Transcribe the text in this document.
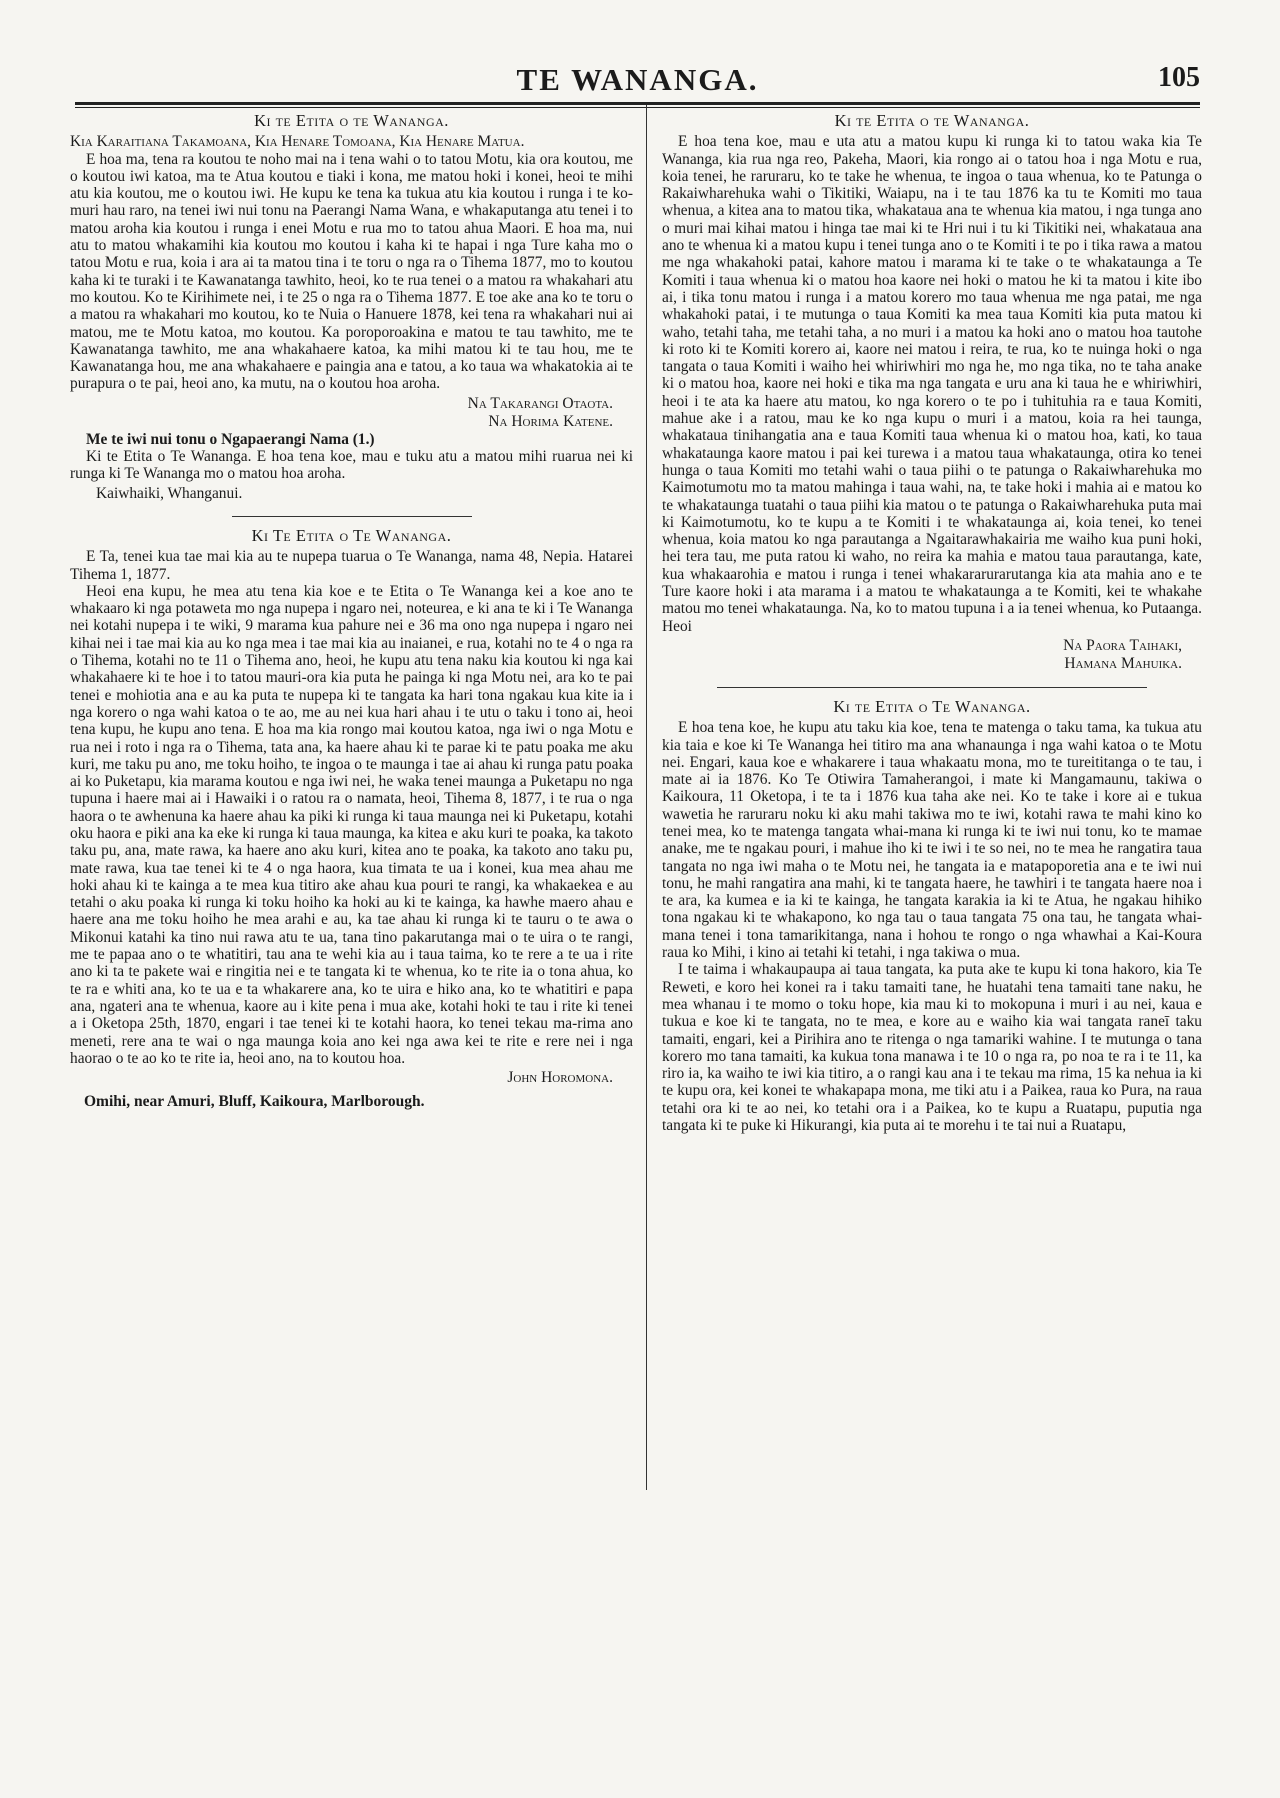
TE WANANGA.	105
Ki te Etita o te Wananga.

Kia Karaitiana Takamoana, Kia Henare Tomoana, Kia Henare Matua.

E hoa ma, tena ra koutou te noho mai na i tena wahi o to tatou Motu, kia ora koutou, me o koutou iwi katoa, ma te Atua koutou e tiaki i kona, me matou hoki i konei, heoi te mihi atu kia koutou, me o koutou iwi. He kupu ke tena ka tukua atu kia koutou i runga i te ko-muri hau raro, na tenei iwi nui tonu na Paerangi Nama Wana, e whakaputanga atu tenei i to matou aroha kia koutou i runga i enei Motu e rua mo to tatou ahua Maori. E hoa ma, nui atu to matou whakamihi kia koutou mo koutou i kaha ki te hapai i nga Ture kaha mo o tatou Motu e rua, koia i ara ai ta matou tina i te toru o nga ra o Tihema 1877, mo to koutou kaha ki te turaki i te Kawanatanga tawhito, heoi, ko te rua tenei o a matou ra whakahari atu mo koutou. Ko te Kirihimete nei, i te 25 o nga ra o Tihema 1877. E toe ake ana ko te toru o a matou ra whakahari mo koutou, ko te Nuia o Hanuere 1878, kei tena ra whakahari nui ai matou, me te Motu katoa, mo koutou. Ka poroporoakina e matou te tau tawhito, me te Kawanatanga tawhito, me ana whakahaere katoa, ka mihi matou ki te tau hou, me te Kawanatanga hou, me ana whakahaere e paingia ana e tatou, a ko taua wa whakatokia ai te purapura o te pai, heoi ano, ka mutu, na o koutou hoa aroha.

Na Takarangi Otaota.
Na Horima Katene.

Me te iwi nui tonu o Ngapaerangi Nama (1.)

Ki te Etita o Te Wananga. E hoa tena koe, mau e tuku atu a matou mihi ruarua nei ki runga ki Te Wananga mo o matou hoa aroha.

Kaiwhaiki, Whanganui.
Ki Te Etita o Te Wananga.

E Ta, tenei kua tae mai kia au te nupepa tuarua o Te Wananga, nama 48, Nepia. Hatarei Tihema 1, 1877.

Heoi ena kupu, he mea atu tena kia koe e te Etita o Te Wananga kei a koe ano te whakaaro ki nga potaweta mo nga nupepa i ngaro nei, noteurea, e ki ana te ki i Te Wananga nei kotahi nupepa i te wiki, 9 marama kua pahure nei e 36 ma ono nga nupepa i ngaro nei kihai nei i tae mai kia au ko nga mea i tae mai kia au inaianei, e rua, kotahi no te 4 o nga ra o Tihema, kotahi no te 11 o Tihema ano, heoi, he kupu atu tena naku kia koutou ki nga kai whakahaere ki te hoe i to tatou mauri-ora kia puta he painga ki nga Motu nei, ara ko te pai tenei e mohiotia ana e au ka puta te nupepa ki te tangata ka hari tona ngakau kua kite ia i nga korero o nga wahi katoa o te ao, me au nei kua hari ahau i te utu o taku i tono ai, heoi tena kupu, he kupu ano tena. E hoa ma kia rongo mai koutou katoa, nga iwi o nga Motu e rua nei i roto i nga ra o Tihema, tata ana, ka haere ahau ki te parae ki te patu poaka me aku kuri, me taku pu ano, me toku hoiho, te ingoa o te maunga i tae ai ahau ki runga patu poaka ai ko Puketapu, kia marama koutou e nga iwi nei, he waka tenei maunga a Puketapu no nga tupuna i haere mai ai i Hawaiki i o ratou ra o namata, heoi, Tihema 8, 1877, i te rua o nga haora o te awhenuna ka haere ahau ka piki ki runga ki taua maunga nei ki Puketapu, kotahi oku haora e piki ana ka eke ki runga ki taua maunga, ka kitea e aku kuri te poaka, ka takoto taku pu, ana, mate rawa, ka haere ano aku kuri, kitea ano te poaka, ka takoto ano taku pu, mate rawa, kua tae tenei ki te 4 o nga haora, kua timata te ua i konei, kua mea ahau me hoki ahau ki te kainga a te mea kua titiro ake ahau kua pouri te rangi, ka whakaekea e au tetahi o aku poaka ki runga ki toku hoiho ka hoki au ki te kainga, ka hawhe maero ahau e haere ana me toku hoiho he mea arahi e au, ka tae ahau ki runga ki te tauru o te awa o Mikonui katahi ka tino nui rawa atu te ua, tana tino pakarutanga mai o te uira o te rangi, me te papaa ano o te whatitiri, tau ana te wehi kia au i taua taima, ko te rere a te ua i rite ano ki ta te pakete wai e ringitia nei e te tangata ki te whenua, ko te rite ia o tona ahua, ko te ra e whiti ana, ko te ua e ta whakarere ana, ko te uira e hiko ana, ko te whatitiri e papa ana, ngateri ana te whenua, kaore au i kite pena i mua ake, kotahi hoki te tau i rite ki tenei a i Oketopa 25th, 1870, engari i tae tenei ki te kotahi haora, ko tenei tekau ma-rima ano meneti, rere ana te wai o nga maunga koia ano kei nga awa kei te rite e rere nei i nga haorao o te ao ko te rite ia, heoi ano, na to koutou hoa.

John Horomona.
Omihi, near Amuri, Bluff, Kaikoura, Marlborough.
Ki te Etita o te Wananga.

E hoa tena koe, mau e uta atu a matou kupu ki runga ki to tatou waka kia Te Wananga, kia rua nga reo, Pakeha, Maori, kia rongo ai o tatou hoa i nga Motu e rua, koia tenei, he raruraru, ko te take he whenua, te ingoa o taua whenua, ko te Patunga o Rakaiwharehuka wahi o Tikitiki, Waiapu, na i te tau 1876 ka tu te Komiti mo taua whenua, a kitea ana to matou tika, whakataua ana te whenua kia matou, i nga tunga ano o muri mai kihai matou i hinga tae mai ki te Hri nui i tu ki Tikitiki nei, whakataua ana ano te whenua ki a matou kupu i tenei tunga ano o te Komiti i te po i tika rawa a matou me nga whakahoki patai, kahore matou i marama ki te take o te whakataunga a Te Komiti i taua whenua ki o matou hoa kaore nei hoki o matou he ki ta matou i kite ibo ai, i tika tonu matou i runga i a matou korero mo taua whenua me nga patai, me nga whakahoki patai, i te mutunga o taua Komiti ka mea taua Komiti kia puta matou ki waho, tetahi taha, me tetahi taha, a no muri i a matou ka hoki ano o matou hoa tautohe ki roto ki te Komiti korero ai, kaore nei matou i reira, te rua, ko te nuinga hoki o nga tangata o taua Komiti i waiho hei whiriwhiri mo nga he, mo nga tika, no te taha anake ki o matou hoa, kaore nei hoki e tika ma nga tangata e uru ana ki taua he e whiriwhiri, heoi i te ata ka haere atu matou, ko nga korero o te po i tuhituhia ra e taua Komiti, mahue ake i a ratou, mau ke ko nga kupu o muri i a matou, koia ra hei taunga, whakataua tinihangatia ana e taua Komiti taua whenua ki o matou hoa, kati, ko taua whakataunga kaore matou i pai kei turewa i a matou taua whakataunga, otira ko tenei hunga o taua Komiti mo tetahi wahi o taua piihi o te patunga o Rakaiwharehuka mo Kaimotumotu mo ta matou mahinga i taua wahi, na, te take hoki i mahia ai e matou ko te whakataunga tuatahi o taua piihi kia matou o te patunga o Rakaiwharehuka puta mai ki Kaimotumotu, ko te kupu a te Komiti i te whakataunga ai, koia tenei, ko tenei whenua, koia matou ko nga parautanga a Ngaitarawhakairia me waiho kua puni hoki, hei tera tau, me puta ratou ki waho, no reira ka mahia e matou taua parautanga, kate, kua whakaarohia e matou i runga i tenei whakararurarutanga kia ata mahia ano e te Ture kaore hoki i ata marama i a matou te whakataunga a te Komiti, kei te whakahe matou mo tenei whakataunga. Na, ko to matou tupuna i a ia tenei whenua, ko Putaanga. Heoi

Na Paora Taihaki,
Hamana Mahuika.
Ki te Etita o Te Wananga.

E hoa tena koe, he kupu atu taku kia koe, tena te matenga o taku tama, ka tukua atu kia taia e koe ki Te Wananga hei titiro ma ana whanaunga i nga wahi katoa o te Motu nei. Engari, kaua koe e whakarere i taua whakaatu mona, mo te tureititanga o te tau, i mate ai ia 1876. Ko Te Otiwira Tamaherangoi, i mate ki Mangamaunu, takiwa o Kaikoura, 11 Oketopa, i te ta i 1876 kua taha ake nei. Ko te take i kore ai e tukua wawetia he raruraru noku ki aku mahi takiwa mo te iwi, kotahi rawa te mahi kino ko tenei mea, ko te matenga tangata whai-mana ki runga ki te iwi nui tonu, ko te mamae anake, me te ngakau pouri, i mahue iho ki te iwi i te so nei, no te mea he rangatira taua tangata no nga iwi maha o te Motu nei, he tangata ia e matapoporetia ana e te iwi nui tonu, he mahi rangatira ana mahi, ki te tangata haere, he tawhiri i te tangata haere noa i te ara, ka kumea e ia ki te kainga, he tangata karakia ia ki te Atua, he ngakau hihiko tona ngakau ki te whakapono, ko nga tau o taua tangata 75 ona tau, he tangata whai-mana tenei i tona tamarikitanga, nana i hohou te rongo o nga whawhai a Kai-Koura raua ko Mihi, i kino ai tetahi ki tetahi, i nga takiwa o mua.

I te taima i whakaupaupa ai taua tangata, ka puta ake te kupu ki tona hakoro, kia Te Reweti, e koro hei konei ra i taku tamaiti tane, he huatahi tena tamaiti tane naku, he mea whanau i te momo o toku hope, kia mau ki to mokopuna i muri i au nei, kaua e tukua e koe ki te tangata, no te mea, e kore au e waiho kia wai tangata raneī taku tamaiti, engari, kei a Pirihira ano te ritenga o nga tamariki wahine. I te mutunga o tana korero mo tana tamaiti, ka kukua tona manawa i te 10 o nga ra, po noa te ra i te 11, ka riro ia, ka waiho te iwi kia titiro, a o rangi kau ana i te tekau ma rima, 15 ka nehua ia ki te kupu ora, kei konei te whakapapa mona, me tiki atu i a Paikea, raua ko Pura, na raua tetahi ora ki te ao nei, ko tetahi ora i a Paikea, ko te kupu a Ruatapu, puputia nga tangata ki te puke ki Hikurangi, kia puta ai te morehu i te tai nui a Ruatapu,
